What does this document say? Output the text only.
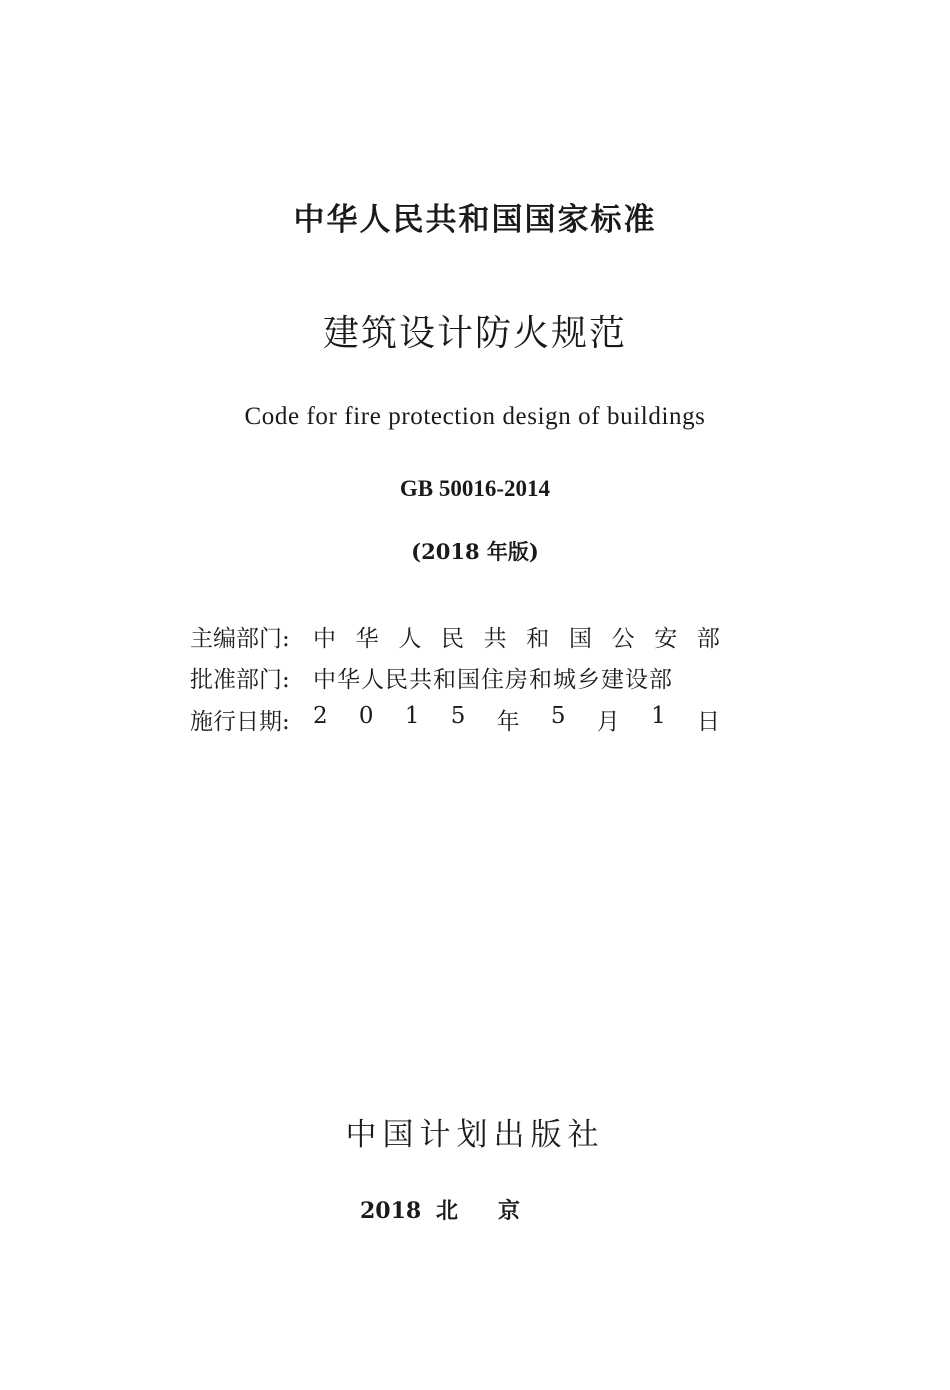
中华人民共和国国家标准
建筑设计防火规范
Code for fire protection design of buildings
GB 50016-2014
(2018 年版)
主编部门:	中 华 人 民 共 和 国 公 安 部
批准部门:	中华人民共和国住房和城乡建设部
施行日期:	2 0 1 5 年 5 月 1 日
中国计划出版社
2018 北京
